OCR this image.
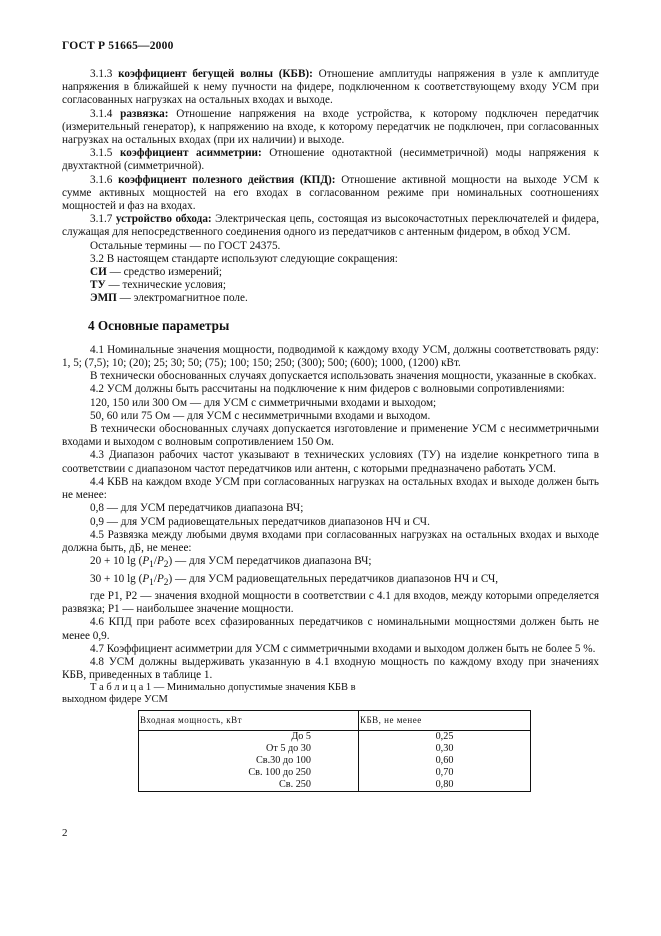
ГОСТ Р 51665—2000

3.1.3 коэффициент бегущей волны (КБВ): Отношение амплитуды напряжения в узле к амплитуде напряжения в ближайшей к нему пучности на фидере, подключенном к соответствующему входу УСМ при согласованных нагрузках на остальных входах и выходе.

3.1.4 развязка: Отношение напряжения на входе устройства, к которому подключен передатчик (измерительный генератор), к напряжению на входе, к которому передатчик не подключен, при согласованных нагрузках на остальных входах (при их наличии) и выходе.

3.1.5 коэффициент асимметрии: Отношение однотактной (несимметричной) моды напряжения к двухтактной (симметричной).

3.1.6 коэффициент полезного действия (КПД): Отношение активной мощности на выходе УСМ к сумме активных мощностей на его входах в согласованном режиме при номинальных соотношениях мощностей и фаз на входах.

3.1.7 устройство обхода: Электрическая цепь, состоящая из высокочастотных переключателей и фидера, служащая для непосредственного соединения одного из передатчиков с антенным фидером, в обход УСМ.

Остальные термины — по ГОСТ 24375.

3.2 В настоящем стандарте используют следующие сокращения:

СИ — средство измерений;

ТУ — технические условия;

ЭМП — электромагнитное поле.

4 Основные параметры

4.1 Номинальные значения мощности, подводимой к каждому входу УСМ, должны соответствовать ряду: 1, 5; (7,5); 10; (20); 25; 30; 50; (75); 100; 150; 250; (300); 500; (600); 1000, (1200) кВт.

В технически обоснованных случаях допускается использовать значения мощности, указанные в скобках.

4.2 УСМ должны быть рассчитаны на подключение к ним фидеров с волновыми сопротивлениями:

120, 150 или 300 Ом — для УСМ с симметричными входами и выходом;

50, 60 или 75 Ом — для УСМ с несимметричными входами и выходом.

В технически обоснованных случаях допускается изготовление и применение УСМ с несимметричными входами и выходом с волновым сопротивлением 150 Ом.

4.3 Диапазон рабочих частот указывают в технических условиях (ТУ) на изделие конкретного типа в соответствии с диапазоном частот передатчиков или антенн, с которыми предназначено работать УСМ.

4.4 КБВ на каждом входе УСМ при согласованных нагрузках на остальных входах и выходе должен быть не менее:

0,8 — для УСМ передатчиков диапазона ВЧ;

0,9 — для УСМ радиовещательных передатчиков диапазонов НЧ и СЧ.

4.5 Развязка между любыми двумя входами при согласованных нагрузках на остальных входах и выходе должна быть, дБ, не менее:

20 + 10 $\lg (P_1/P_2)$ — для УСМ передатчиков диапазона ВЧ;

30 + 10 $\lg (P_1/P_2)$ — для УСМ радиовещательных передатчиков диапазонов НЧ и СЧ,

где P1, P2 — значения входной мощности в соответствии с 4.1 для входов, между которыми определяется развязка; P1 — наибольшее значение мощности.

4.6 КПД при работе всех сфазированных передатчиков с номинальными мощностями должен быть не менее 0,9.

4.7 Коэффициент асимметрии для УСМ с симметричными входами и выходом должен быть не более 5 %.

4.8 УСМ должны выдерживать указанную в 4.1 входную мощность по каждому входу при значениях КБВ, приведенных в таблице 1.

Т а б л и ц а 1 — Минимально допустимые значения КБВ в выходном фидере УСМ

Входная мощность, кВт	КБВ, не менее
До 5	0,25
От 5 до 30	0,30
Св.30 до 100	0,60
Св. 100 до 250	0,70
Св. 250	0,80
2
